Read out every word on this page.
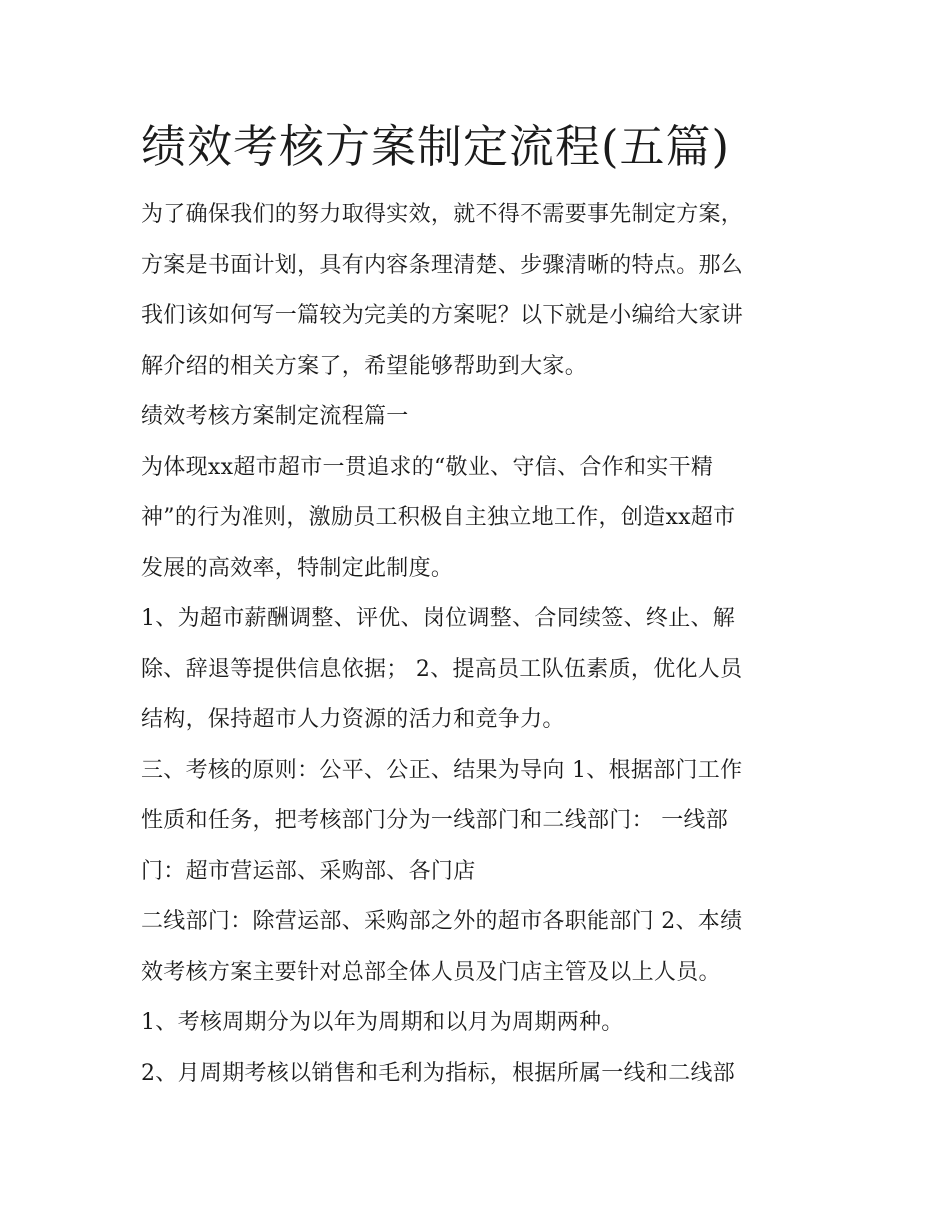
绩效考核方案制定流程(五篇)
为了确保我们的努力取得实效，就不得不需要事先制定方案，
方案是书面计划，具有内容条理清楚、步骤清晰的特点。那么
我们该如何写一篇较为完美的方案呢？以下就是小编给大家讲
解介绍的相关方案了，希望能够帮助到大家。
绩效考核方案制定流程篇一
为体现xx超市超市一贯追求的“敬业、守信、合作和实干精
神”的行为准则，激励员工积极自主独立地工作，创造xx超市
发展的高效率，特制定此制度。
1、为超市薪酬调整、评优、岗位调整、合同续签、终止、解
除、辞退等提供信息依据； 2、提高员工队伍素质，优化人员
结构，保持超市人力资源的活力和竞争力。
三、考核的原则：公平、公正、结果为导向 1、根据部门工作
性质和任务，把考核部门分为一线部门和二线部门： 一线部
门：超市营运部、采购部、各门店
二线部门：除营运部、采购部之外的超市各职能部门 2、本绩
效考核方案主要针对总部全体人员及门店主管及以上人员。
1、考核周期分为以年为周期和以月为周期两种。
2、月周期考核以销售和毛利为指标，根据所属一线和二线部
